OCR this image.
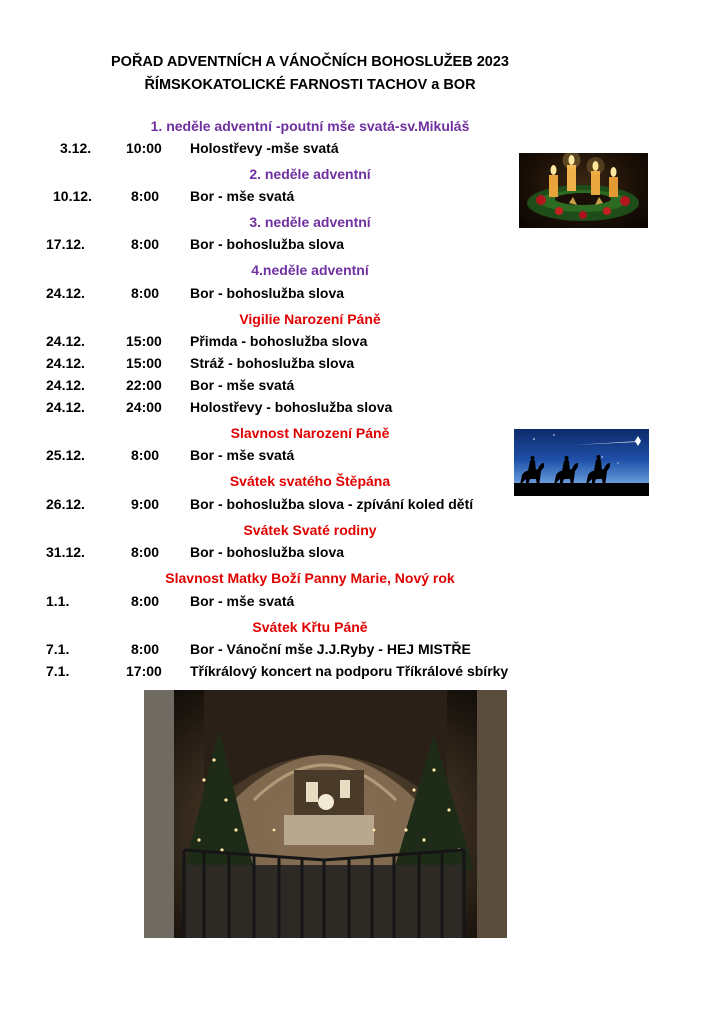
POŘAD ADVENTNÍCH A VÁNOČNÍCH BOHOSLUŽEB 2023
ŘÍMSKOKATOLICKÉ FARNOSTI TACHOV a BOR
1. neděle adventní -poutní mše svatá-sv.Mikuláš
3.12. 10:00 Holostřevy -mše svatá
2. neděle adventní
10.12.	8:00 Bor - mše svatá
3. neděle adventní
17.12.	8:00 Bor - bohoslužba slova
4.neděle adventní
24.12.	8:00 Bor - bohoslužba slova
Vigilie Narození Páně
24.12.	15:00 Přimda - bohoslužba slova
24.12.	15:00 Stráž - bohoslužba slova
24.12.	22:00 Bor - mše svatá
24.12.	24:00 Holostřevy - bohoslužba slova
Slavnost Narození Páně
25.12.	8:00 Bor - mše svatá
Svátek svatého Štěpána
26.12.	9:00 Bor - bohoslužba slova - zpívání koled dětí
Svátek Svaté rodiny
31.12.	8:00 Bor - bohoslužba slova
Slavnost Matky Boží Panny Marie, Nový rok
1.1.	8:00 Bor - mše svatá
Svátek Křtu Páně
7.1.	8:00 Bor - Vánoční mše J.J.Ryby - HEJ MISTŘE
7.1.	17:00 Tříkrálový koncert na podporu Tříkrálové sbírky
